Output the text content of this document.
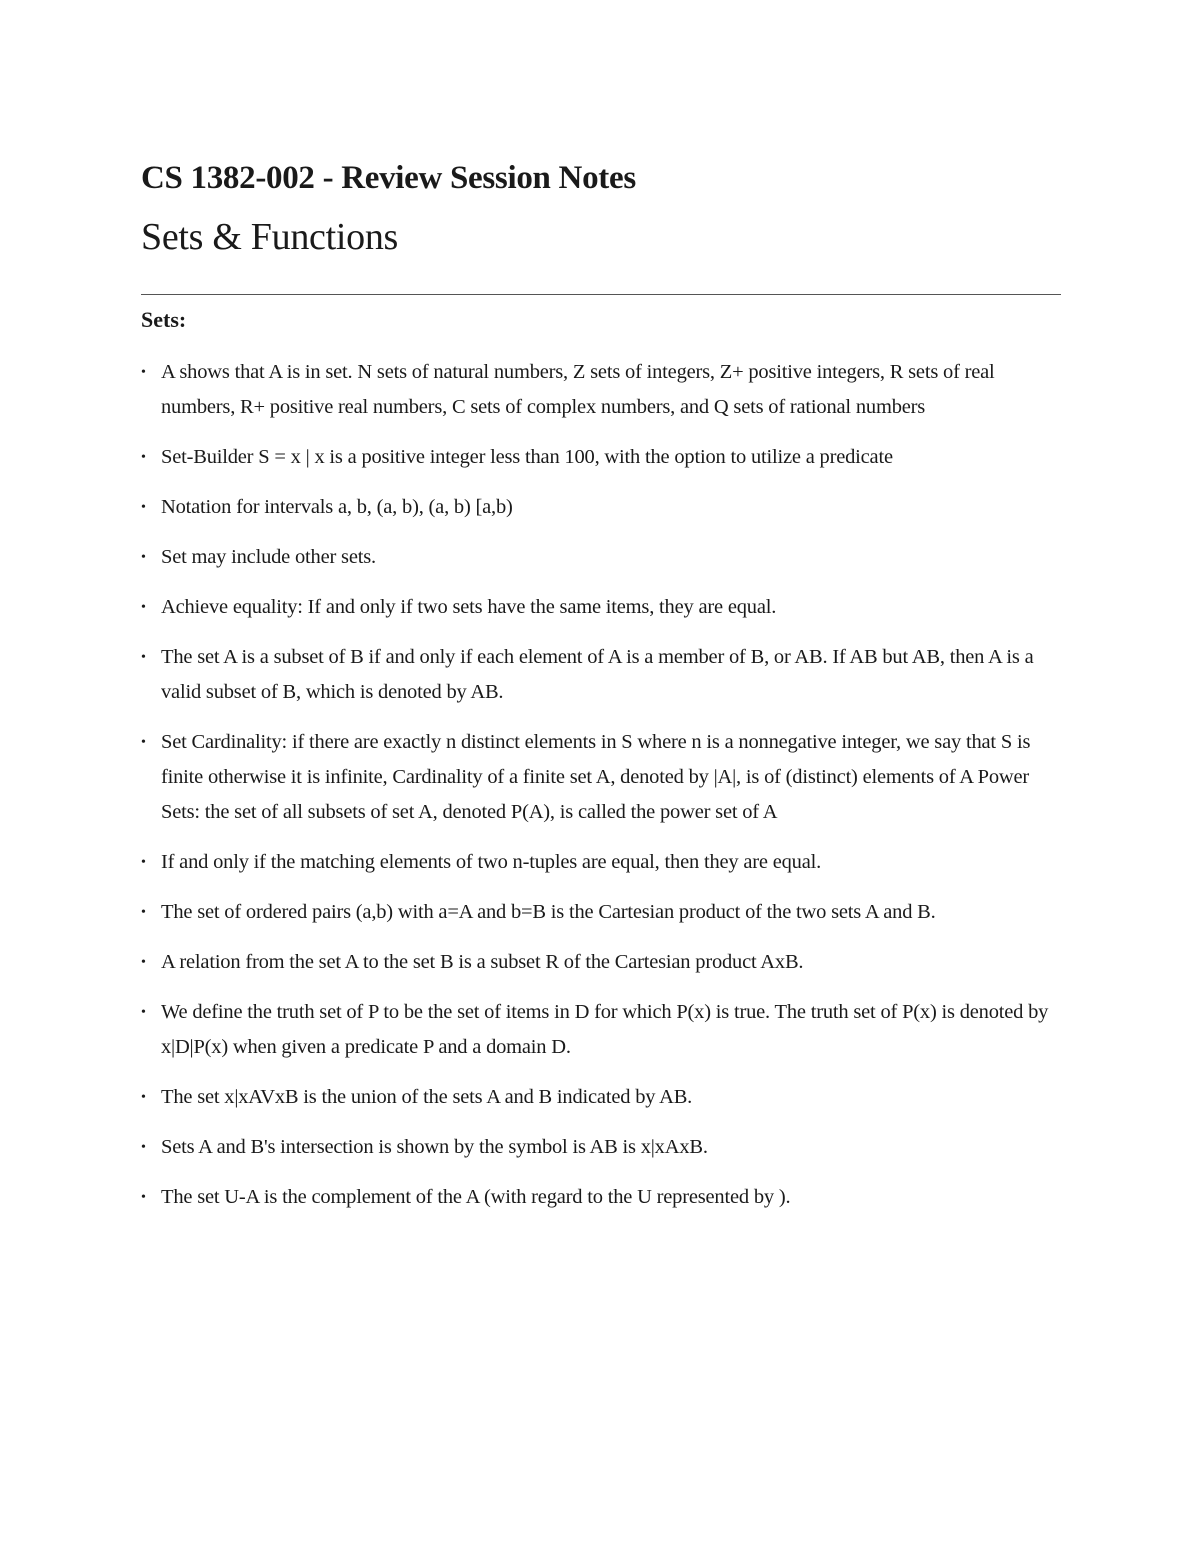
CS 1382-002 - Review Session Notes
Sets & Functions
Sets:
• A shows that A is in set. N sets of natural numbers, Z sets of integers, Z+ positive integers, R sets of real numbers, R+ positive real numbers, C sets of complex numbers, and Q sets of rational numbers
• Set-Builder S = x | x is a positive integer less than 100, with the option to utilize a predicate
• Notation for intervals a, b, (a, b), (a, b) [a,b)
• Set may include other sets.
• Achieve equality: If and only if two sets have the same items, they are equal.
• The set A is a subset of B if and only if each element of A is a member of B, or AB. If AB but AB, then A is a valid subset of B, which is denoted by AB.
• Set Cardinality: if there are exactly n distinct elements in S where n is a nonnegative integer, we say that S is finite otherwise it is infinite, Cardinality of a finite set A, denoted by |A|, is of (distinct) elements of A Power Sets: the set of all subsets of set A, denoted P(A), is called the power set of A
• If and only if the matching elements of two n-tuples are equal, then they are equal.
• The set of ordered pairs (a,b) with a=A and b=B is the Cartesian product of the two sets A and B.
• A relation from the set A to the set B is a subset R of the Cartesian product AxB.
• We define the truth set of P to be the set of items in D for which P(x) is true. The truth set of P(x) is denoted by x|D|P(x) when given a predicate P and a domain D.
• The set x|xAVxB is the union of the sets A and B indicated by AB.
• Sets A and B's intersection is shown by the symbol is AB is x|xAxB.
• The set U-A is the complement of the A (with regard to the U represented by ).
